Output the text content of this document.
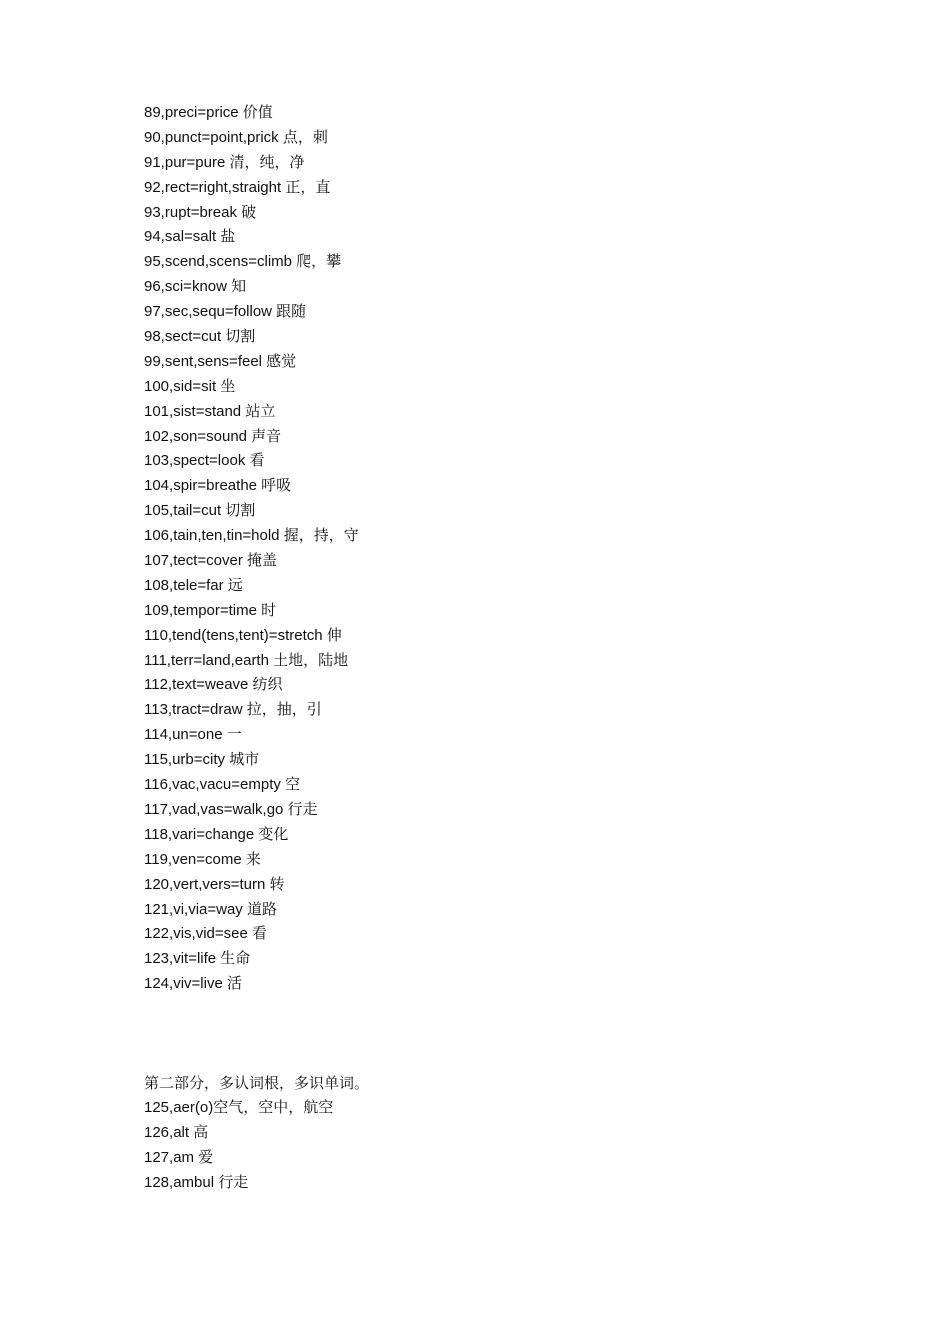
89,preci=price 价值
90,punct=point,prick 点，刺
91,pur=pure 清，纯，净
92,rect=right,straight 正，直
93,rupt=break 破
94,sal=salt 盐
95,scend,scens=climb 爬，攀
96,sci=know 知
97,sec,sequ=follow 跟随
98,sect=cut 切割
99,sent,sens=feel 感觉
100,sid=sit 坐
101,sist=stand 站立
102,son=sound 声音
103,spect=look 看
104,spir=breathe 呼吸
105,tail=cut 切割
106,tain,ten,tin=hold 握，持，守
107,tect=cover 掩盖
108,tele=far 远
109,tempor=time 时
110,tend(tens,tent)=stretch 伸
111,terr=land,earth 土地，陆地
112,text=weave 纺织
113,tract=draw 拉，抽，引
114,un=one 一
115,urb=city 城市
116,vac,vacu=empty 空
117,vad,vas=walk,go 行走
118,vari=change 变化
119,ven=come 来
120,vert,vers=turn 转
121,vi,via=way 道路
122,vis,vid=see 看
123,vit=life 生命
124,viv=live 活
第二部分，多认词根，多识单词。
125,aer(o)空气，空中，航空
126,alt 高
127,am 爱
128,ambul 行走
